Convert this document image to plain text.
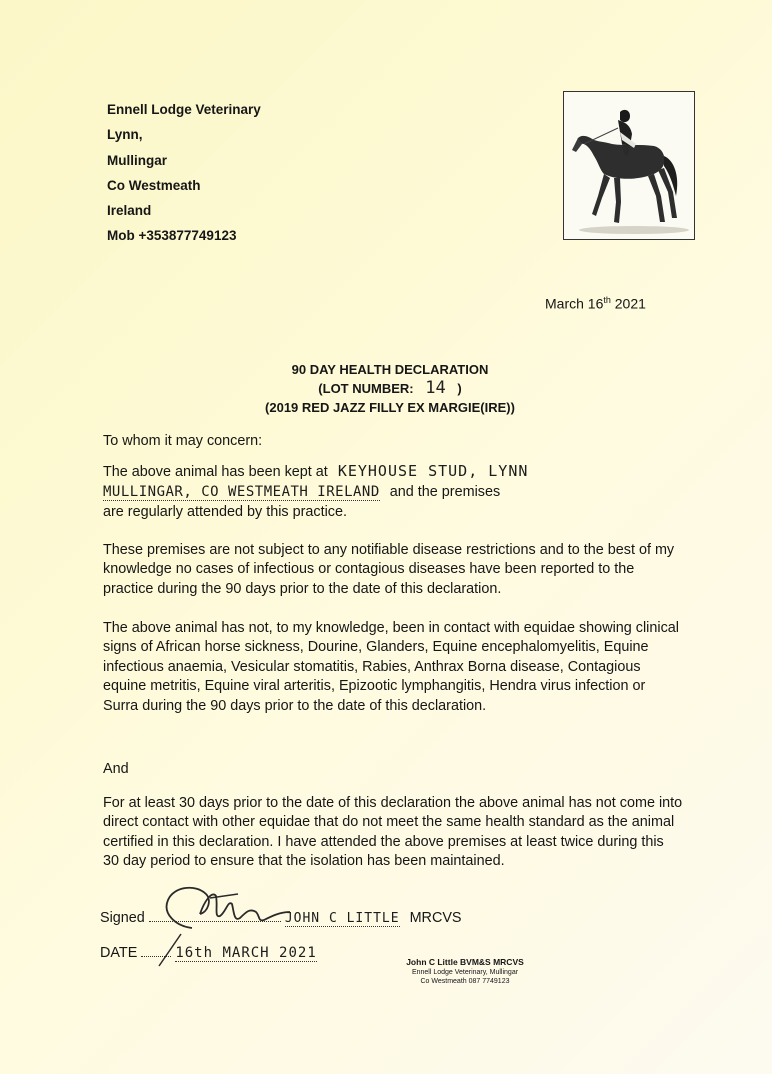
Ennell Lodge Veterinary
Lynn,
Mullingar
Co Westmeath
Ireland
Mob +353877749123
March 16th 2021
90 DAY HEALTH DECLARATION
(LOT NUMBER: 14 )
(2019 RED JAZZ FILLY EX MARGIE(IRE))
To whom it may concern:
The above animal has been kept at KEYHOUSE STUD, LYNN
MULLINGAR, CO WESTMEATH IRELAND and the premises
are regularly attended by this practice.
These premises are not subject to any notifiable disease restrictions and to the best of my knowledge no cases of infectious or contagious diseases have been reported to the practice during the 90 days prior to the date of this declaration.
The above animal has not, to my knowledge, been in contact with equidae showing clinical signs of African horse sickness, Dourine, Glanders, Equine encephalomyelitis, Equine infectious anaemia, Vesicular stomatitis, Rabies, Anthrax Borna disease, Contagious equine metritis, Equine viral arteritis, Epizootic lymphangitis, Hendra virus infection or Surra during the 90 days prior to the date of this declaration.
And
For at least 30 days prior to the date of this declaration the above animal has not come into direct contact with other equidae that do not meet the same health standard as the animal certified in this declaration. I have attended the above premises at least twice during this 30 day period to ensure that the isolation has been maintained.
Signed	JOHN C LITTLE MRCVS
DATE	16th MARCH 2021
John C Little BVM&S MRCVS
Ennell Lodge Veterinary, Mullingar
Co Westmeath 087 7749123
